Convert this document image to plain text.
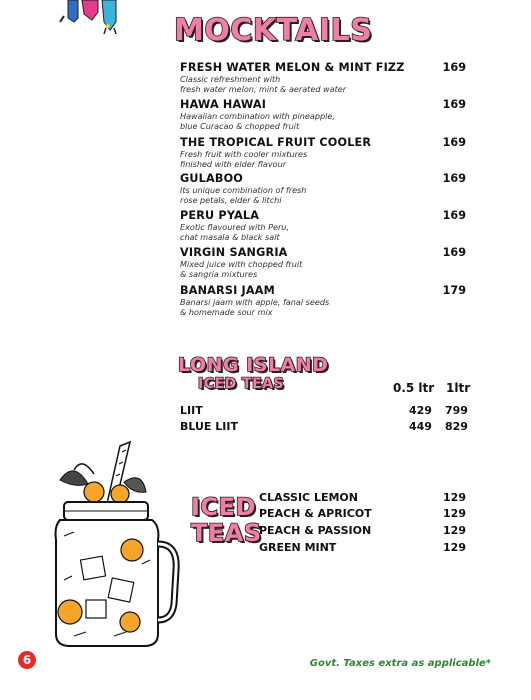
MOCKTAILS
FRESH WATER MELON & MINT FIZZ
Classic refreshment with
fresh water melon, mint & aerated water
169
HAWA HAWAI
Hawaiian combination with pineapple,
blue Curacao & chopped fruit
169
THE TROPICAL FRUIT COOLER
Fresh fruit with cooler mixtures
finished with elder flavour
169
GULABOO
Its unique combination of fresh
rose petals, elder & litchi
169
PERU PYALA
Exotic flavoured with Peru,
chat masala & black salt
169
VIRGIN SANGRIA
Mixed juice with chopped fruit
& sangria mixtures
169
BANARSI JAAM
Banarsi jaam with apple, fanal seeds
& homemade sour mix
179
LONG ISLAND
ICED TEAS	0.5 ltr 1ltr
LIIT	429 799
BLUE LIIT	449 829
ICED
TEAS
CLASSIC LEMON	129
PEACH & APRICOT	129
PEACH & PASSION	129
GREEN MINT	129
6	Govt. Taxes extra as applicable*
